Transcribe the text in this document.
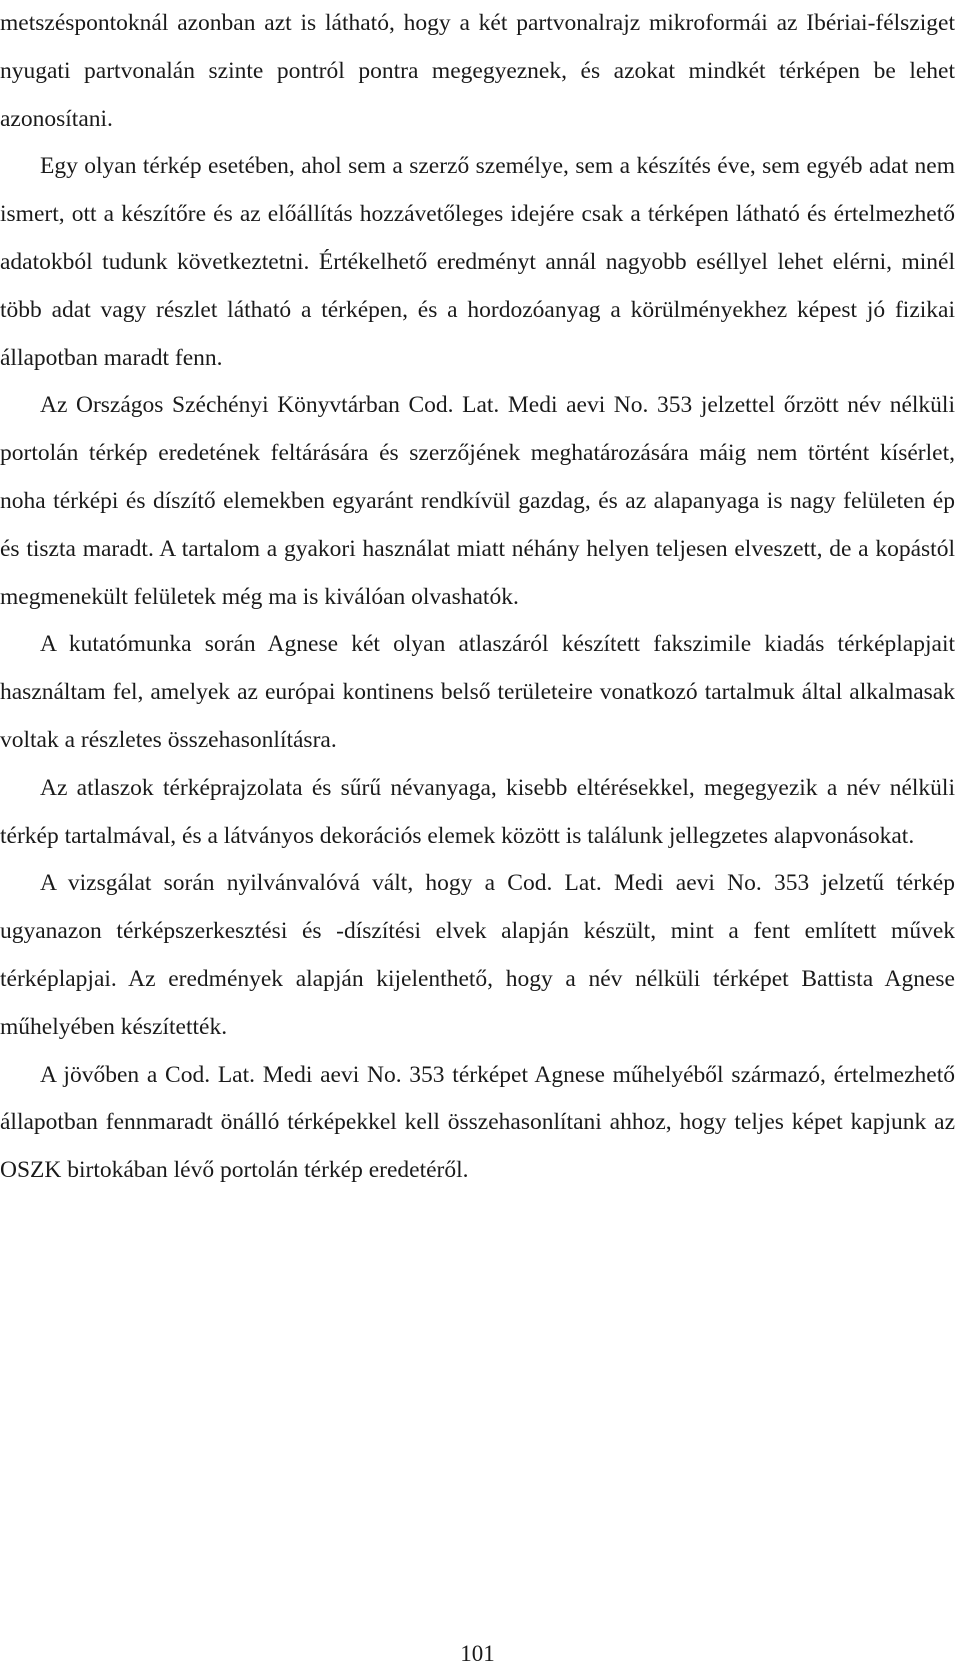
metszéspontoknál azonban azt is látható, hogy a két partvonalrajz mikroformái az Ibériai-félsziget nyugati partvonalán szinte pontról pontra megegyeznek, és azokat mindkét térképen be lehet azonosítani.

Egy olyan térkép esetében, ahol sem a szerző személye, sem a készítés éve, sem egyéb adat nem ismert, ott a készítőre és az előállítás hozzávetőleges idejére csak a térképen látható és értelmezhető adatokból tudunk következtetni. Értékelhető eredményt annál nagyobb eséllyel lehet elérni, minél több adat vagy részlet látható a térképen, és a hordozóanyag a körülményekhez képest jó fizikai állapotban maradt fenn.

Az Országos Széchényi Könyvtárban Cod. Lat. Medi aevi No. 353 jelzettel őrzött név nélküli portolán térkép eredetének feltárására és szerzőjének meghatározására máig nem történt kísérlet, noha térképi és díszítő elemekben egyaránt rendkívül gazdag, és az alapanyaga is nagy felületen ép és tiszta maradt. A tartalom a gyakori használat miatt néhány helyen teljesen elveszett, de a kopástól megmenekült felületek még ma is kiválóan olvashatók.

A kutatómunka során Agnese két olyan atlaszáról készített fakszimile kiadás térképlapjait használtam fel, amelyek az európai kontinens belső területeire vonatkozó tartalmuk által alkalmasak voltak a részletes összehasonlításra.

Az atlaszok térképrajzolata és sűrű névanyaga, kisebb eltérésekkel, megegyezik a név nélküli térkép tartalmával, és a látványos dekorációs elemek között is találunk jellegzetes alapvonásokat.

A vizsgálat során nyilvánvalóvá vált, hogy a Cod. Lat. Medi aevi No. 353 jelzetű térkép ugyanazon térképszerkesztési és -díszítési elvek alapján készült, mint a fent említett művek térképlapjai. Az eredmények alapján kijelenthető, hogy a név nélküli térképet Battista Agnese műhelyében készítették.

A jövőben a Cod. Lat. Medi aevi No. 353 térképet Agnese műhelyéből származó, értelmezhető állapotban fennmaradt önálló térképekkel kell összehasonlítani ahhoz, hogy teljes képet kapjunk az OSZK birtokában lévő portolán térkép eredetéről.

101
